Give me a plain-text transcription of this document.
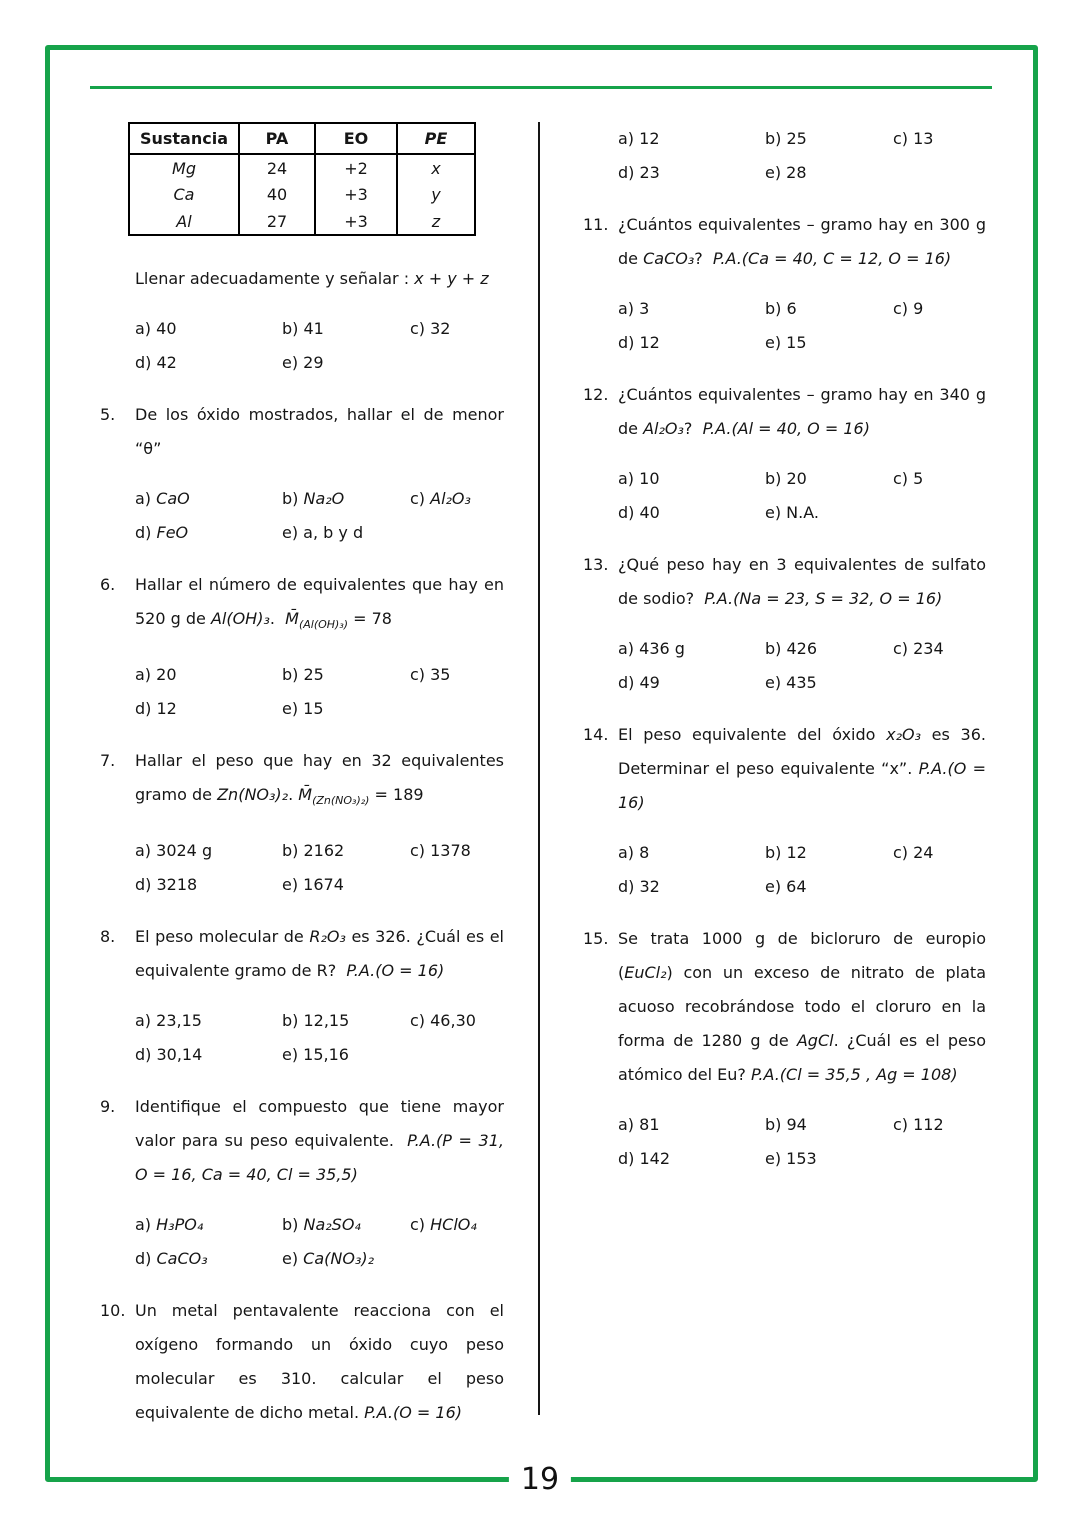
Sustancia	PA	EO	PE
Mg	24	+2	x
Ca	40	+3	y
Al	27	+3	z

Llenar adecuadamente y señalar : x + y + z

a) 40	b) 41	c) 32
d) 42	e) 29
5.	De los óxido mostrados, hallar el de menor “θ”

a) CaO	b) Na₂O	c) Al₂O₃
d) FeO	e) a, b y d
6.	Hallar el número de equivalentes que hay en 520 g de Al(OH)₃.  $M̄_{(Al(OH)_3)} = 78$

a) 20	b) 25	c) 35
d) 12	e) 15
7.	Hallar el peso que hay en 32 equivalentes gramo de Zn(NO₃)₂. $M̄_{(Zn(NO_3)_2)} = 189$

a) 3024 g	b) 2162	c) 1378
d) 3218	e) 1674
8.	El peso molecular de R₂O₃ es 326. ¿Cuál es el equivalente gramo de R?  P.A.(O = 16)

a) 23,15	b) 12,15	c) 46,30
d) 30,14	e) 15,16
9.	Identifique el compuesto que tiene mayor valor para su peso equivalente.  P.A.(P = 31, O = 16, Ca = 40, Cl = 35,5)

a) H₃PO₄	b) Na₂SO₄	c) HClO₄
d) CaCO₃	e) Ca(NO₃)₂
10. Un metal pentavalente reacciona con el oxígeno formando un óxido cuyo peso molecular es 310. calcular el peso equivalente de dicho metal. P.A.(O = 16)

a) 12	b) 25	c) 13
d) 23	e) 28
11. ¿Cuántos equivalentes – gramo hay en 300 g de CaCO₃?  P.A.(Ca = 40, C = 12, O = 16)

a) 3	b) 6	c) 9
d) 12	e) 15
12. ¿Cuántos equivalentes – gramo hay en 340 g de Al₂O₃?  P.A.(Al = 40, O = 16)

a) 10	b) 20	c) 5
d) 40	e) N.A.
13. ¿Qué peso hay en 3 equivalentes de sulfato de sodio?  P.A.(Na = 23, S = 32, O = 16)

a) 436 g	b) 426	c) 234
d) 49	e) 435
14. El peso equivalente del óxido x₂O₃ es 36. Determinar el peso equivalente “x”. P.A.(O = 16)

a) 8	b) 12	c) 24
d) 32	e) 64
15. Se trata 1000 g de bicloruro de europio (EuCl₂) con un exceso de nitrato de plata acuoso recobrándose todo el cloruro en la forma de 1280 g de AgCl. ¿Cuál es el peso atómico del Eu? P.A.(Cl = 35,5 , Ag = 108)

a) 81	b) 94	c) 112
d) 142	e) 153
19
